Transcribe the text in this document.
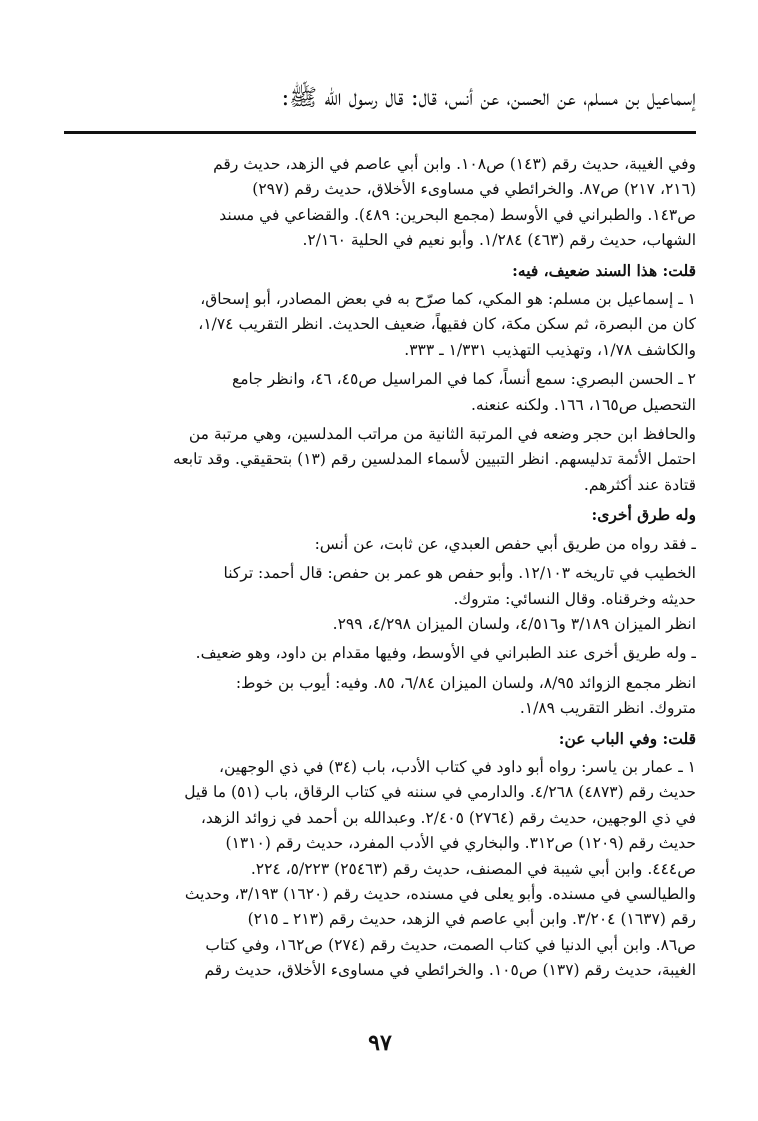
إسماعيل بن مسلم، عن الحسن، عن أنس، قال: قال رسول الله ﷺ:

وفي الغيبة، حديث رقم (١٤٣) ص١٠٨. وابن أبي عاصم في الزهد، حديث رقم
(٢١٦، ٢١٧) ص٨٧. والخرائطي في مساوىء الأخلاق، حديث رقم (٢٩٧)
ص١٤٣. والطبراني في الأوسط (مجمع البحرين: ٤٨٩). والقضاعي في مسند
الشهاب، حديث رقم (٤٦٣) ١/٢٨٤. وأبو نعيم في الحلية ٢/١٦٠.

قلت: هذا السند ضعيف، فيه:

١ ـ إسماعيل بن مسلم: هو المكي، كما صرّح به في بعض المصادر، أبو إسحاق،
كان من البصرة، ثم سكن مكة، كان فقيهاً، ضعيف الحديث. انظر التقريب ١/٧٤،
والكاشف ١/٧٨، وتهذيب التهذيب ١/٣٣١ ـ ٣٣٣.

٢ ـ الحسن البصري: سمع أنساً، كما في المراسيل ص٤٥، ٤٦، وانظر جامع
التحصيل ص١٦٥، ١٦٦. ولكنه عنعنه.

والحافظ ابن حجر وضعه في المرتبة الثانية من مراتب المدلسين، وهي مرتبة من
احتمل الأئمة تدليسهم. انظر التبيين لأسماء المدلسين رقم (١٣) بتحقيقي. وقد تابعه
قتادة عند أكثرهم.

وله طرق أخرى:

ـ فقد رواه من طريق أبي حفص العبدي، عن ثابت، عن أنس:

الخطيب في تاريخه ١٢/١٠٣. وأبو حفص هو عمر بن حفص: قال أحمد: تركنا
حديثه وخرقناه. وقال النسائي: متروك.
انظر الميزان ٣/١٨٩ و٤/٥١٦، ولسان الميزان ٤/٢٩٨، ٢٩٩.

ـ وله طريق أخرى عند الطبراني في الأوسط، وفيها مقدام بن داود، وهو ضعيف.

انظر مجمع الزوائد ٨/٩٥، ولسان الميزان ٦/٨٤، ٨٥. وفيه: أيوب بن خوط:
متروك. انظر التقريب ١/٨٩.

قلت: وفي الباب عن:

١ ـ عمار بن ياسر: رواه أبو داود في كتاب الأدب، باب (٣٤) في ذي الوجهين،
حديث رقم (٤٨٧٣) ٤/٢٦٨. والدارمي في سننه في كتاب الرقاق، باب (٥١) ما قيل
في ذي الوجهين، حديث رقم (٢٧٦٤) ٢/٤٠٥. وعبدالله بن أحمد في زوائد الزهد،
حديث رقم (١٢٠٩) ص٣١٢. والبخاري في الأدب المفرد، حديث رقم (١٣١٠)
ص٤٤٤. وابن أبي شيبة في المصنف، حديث رقم (٢٥٤٦٣) ٥/٢٢٣، ٢٢٤.
والطيالسي في مسنده. وأبو يعلى في مسنده، حديث رقم (١٦٢٠) ٣/١٩٣، وحديث
رقم (١٦٣٧) ٣/٢٠٤. وابن أبي عاصم في الزهد، حديث رقم (٢١٣ ـ ٢١٥)
ص٨٦. وابن أبي الدنيا في كتاب الصمت، حديث رقم (٢٧٤) ص١٦٢، وفي كتاب
الغيبة، حديث رقم (١٣٧) ص١٠٥. والخرائطي في مساوىء الأخلاق، حديث رقم

٩٧
